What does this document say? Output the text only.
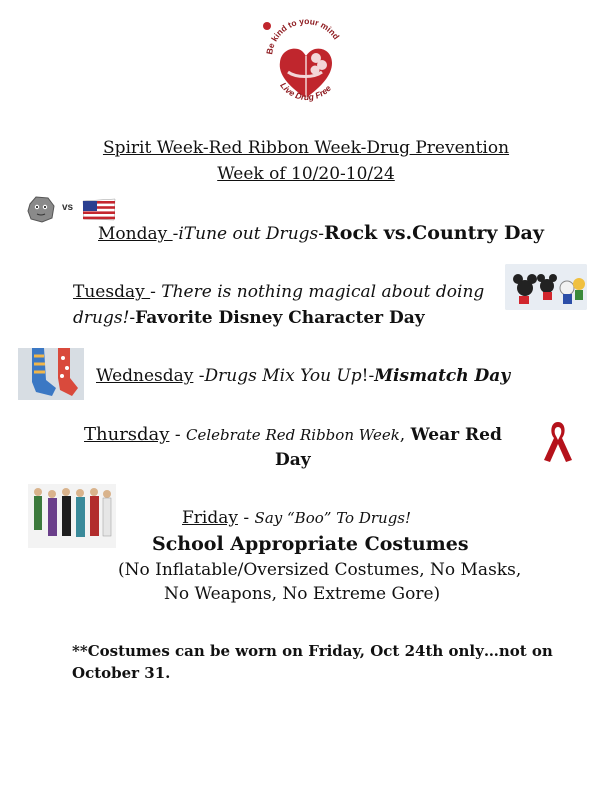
Be kind to your mind
Live Drug Free
Spirit Week-Red Ribbon Week-Drug Prevention
Week of 10/20-10/24
vs
Monday -iTune out Drugs-Rock vs.Country Day
Tuesday - There is nothing magical about doing
drugs!-Favorite Disney Character Day
Wednesday -Drugs Mix You Up!-Mismatch Day
Thursday - Celebrate Red Ribbon Week, Wear Red
Day
Friday - Say “Boo” To Drugs!
School Appropriate Costumes
(No Inflatable/Oversized Costumes, No Masks,
No Weapons, No Extreme Gore)
**Costumes can be worn on Friday, Oct 24th only…not on
October 31.
